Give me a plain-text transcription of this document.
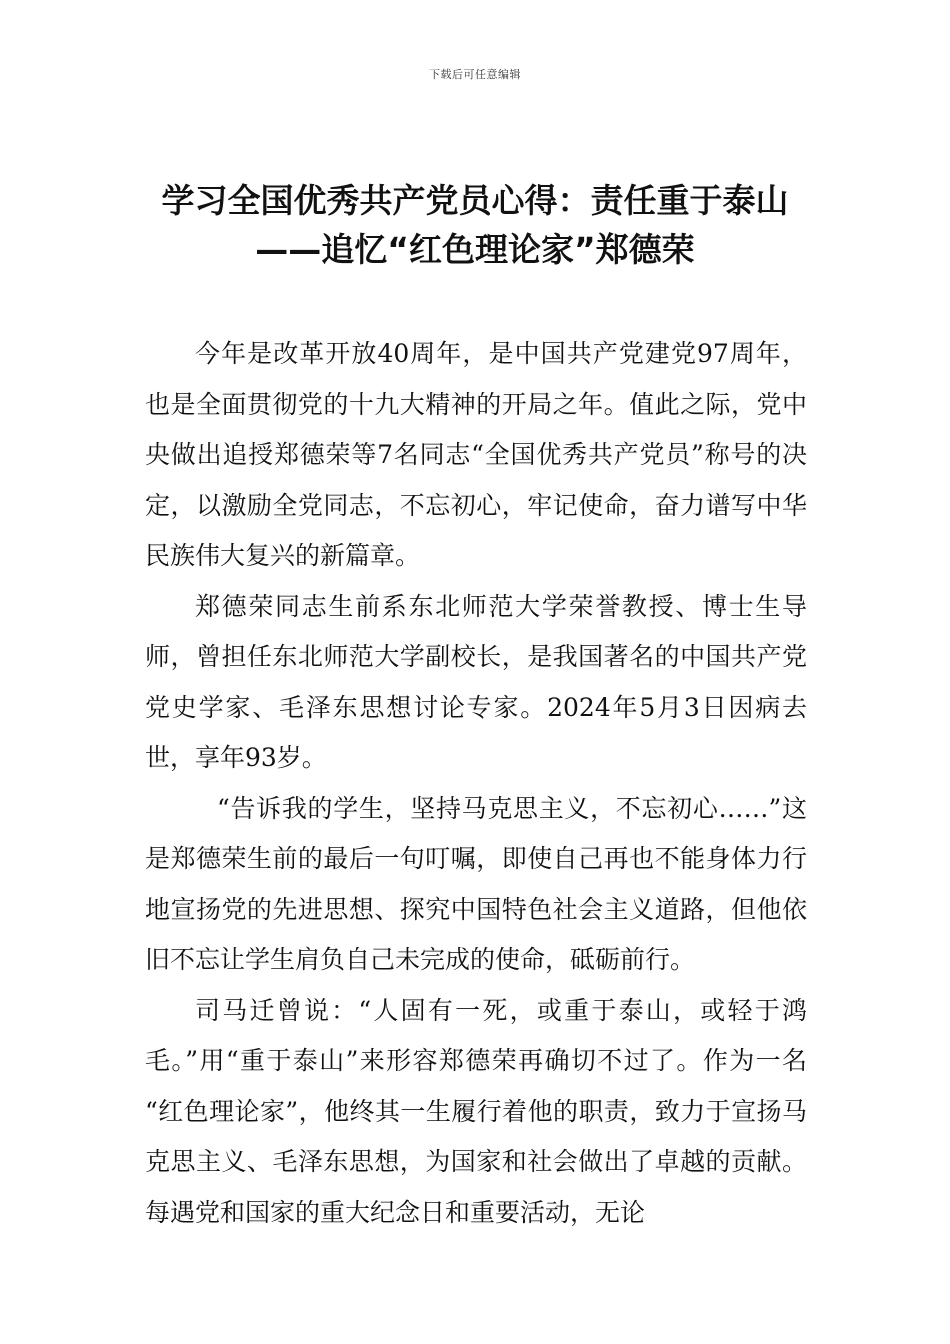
下载后可任意编辑
学习全国优秀共产党员心得：责任重于泰山——追忆“红色理论家”郑德荣

今年是改革开放40周年，是中国共产党建党97周年，也是全面贯彻党的十九大精神的开局之年。值此之际，党中央做出追授郑德荣等7名同志“全国优秀共产党员”称号的决定，以激励全党同志，不忘初心，牢记使命，奋力谱写中华民族伟大复兴的新篇章。

郑德荣同志生前系东北师范大学荣誉教授、博士生导师，曾担任东北师范大学副校长，是我国著名的中国共产党党史学家、毛泽东思想讨论专家。2024年5月3日因病去世，享年93岁。

“告诉我的学生，坚持马克思主义，不忘初心……”这是郑德荣生前的最后一句叮嘱，即使自己再也不能身体力行地宣扬党的先进思想、探究中国特色社会主义道路，但他依旧不忘让学生肩负自己未完成的使命，砥砺前行。

司马迁曾说：“人固有一死，或重于泰山，或轻于鸿毛。”用“重于泰山”来形容郑德荣再确切不过了。作为一名 “红色理论家”，他终其一生履行着他的职责，致力于宣扬马克思主义、毛泽东思想，为国家和社会做出了卓越的贡献。每遇党和国家的重大纪念日和重要活动，无论
